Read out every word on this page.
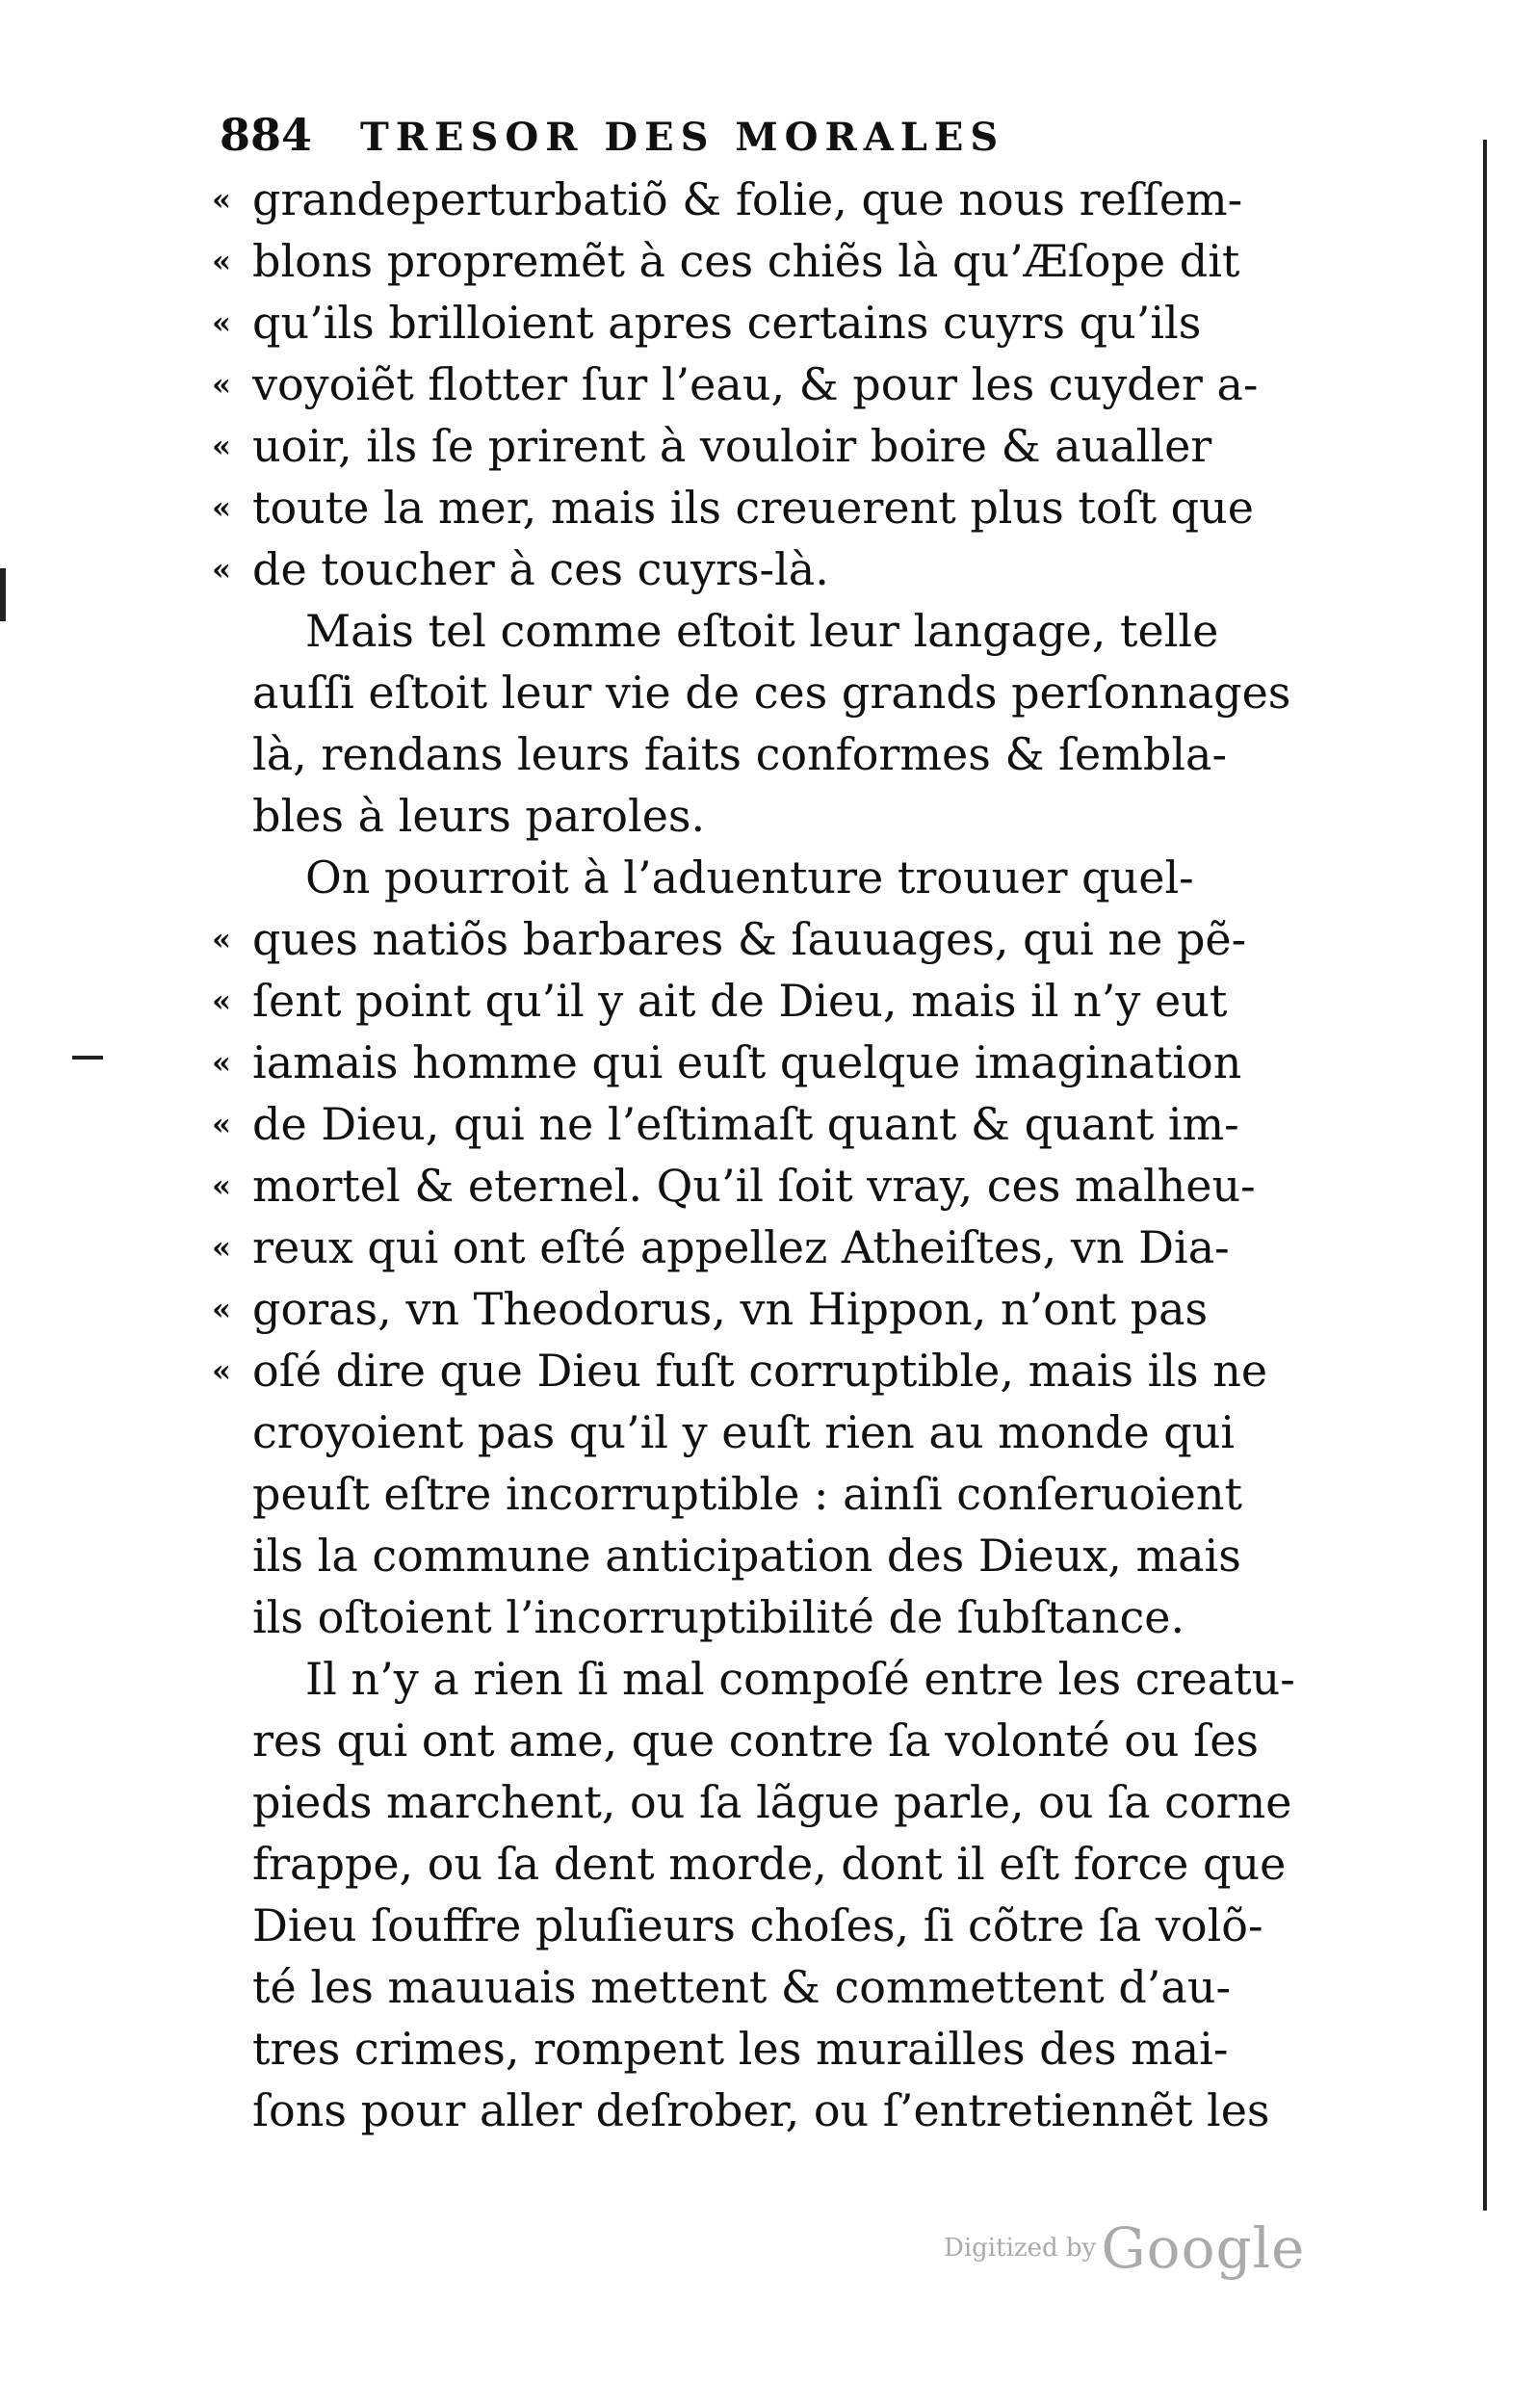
884 TRESOR DES MORALES
« grandeperturbatiõ & folie, que nous reſſem-
« blons propremẽt à ces chiẽs là qu’Æſope dit
« qu’ils brilloient apres certains cuyrs qu’ils
« voyoiẽt flotter ſur l’eau, & pour les cuyder a-
« uoir, ils ſe prirent à vouloir boire & aualler
« toute la mer, mais ils creuerent plus toſt que
« de toucher à ces cuyrs-là.
Mais tel comme eſtoit leur langage, telle
auſſi eſtoit leur vie de ces grands perſonnages
là, rendans leurs faits conformes & ſembla-
bles à leurs paroles.
On pourroit à l’aduenture trouuer quel-
« ques natiõs barbares & ſauuages, qui ne pẽ-
« ſent point qu’il y ait de Dieu, mais il n’y eut
« iamais homme qui euſt quelque imagination
« de Dieu, qui ne l’eſtimaſt quant & quant im-
« mortel & eternel. Qu’il ſoit vray, ces malheu-
« reux qui ont eſté appellez Atheiſtes, vn Dia-
« goras, vn Theodorus, vn Hippon, n’ont pas
« oſé dire que Dieu fuſt corruptible, mais ils ne
croyoient pas qu’il y euſt rien au monde qui
peuſt eſtre incorruptible : ainſi conſeruoient
ils la commune anticipation des Dieux, mais
ils oſtoient l’incorruptibilité de ſubſtance.
Il n’y a rien ſi mal compoſé entre les creatu-
res qui ont ame, que contre ſa volonté ou ſes
pieds marchent, ou ſa lãgue parle, ou ſa corne
frappe, ou ſa dent morde, dont il eſt force que
Dieu ſouffre pluſieurs choſes, ſi cõtre ſa volõ-
té les mauuais mettent & commettent d’au-
tres crimes, rompent les murailles des mai-
ſons pour aller deſrober, ou ſ’entretiennẽt les
Digitized by Google
